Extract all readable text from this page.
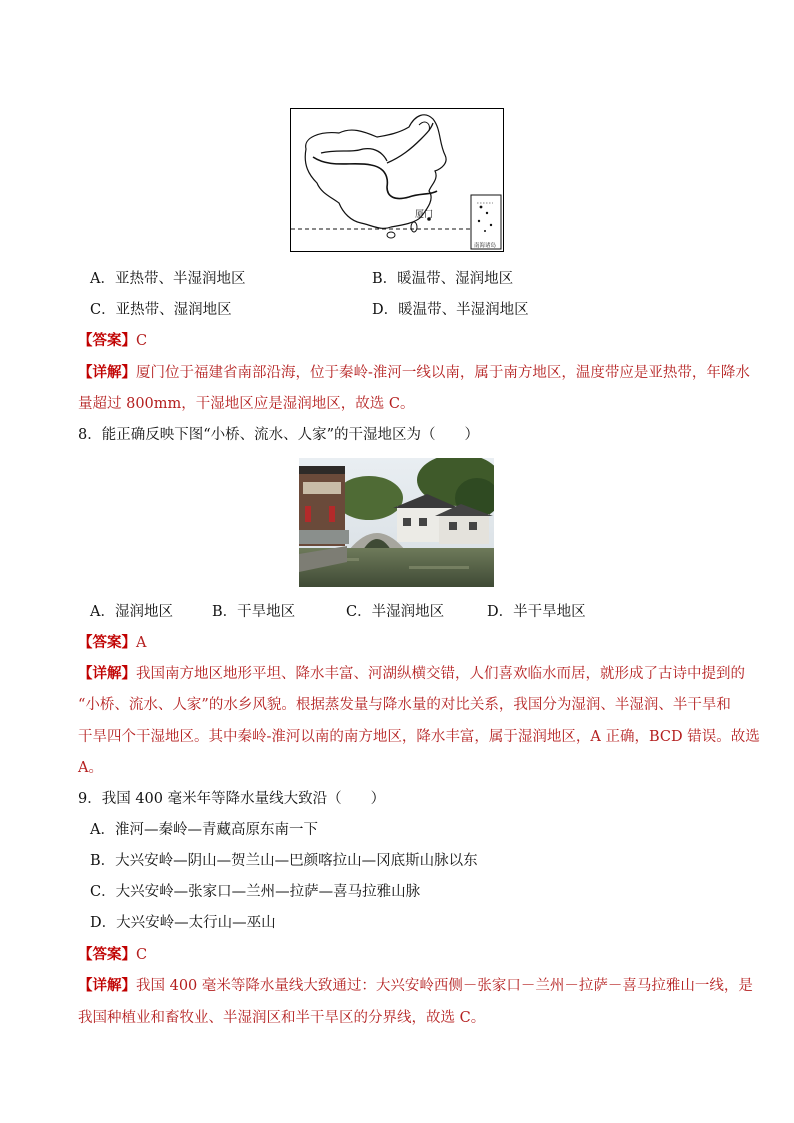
厦门
南海诸岛
A．亚热带、半湿润地区	B．暖温带、湿润地区
C．亚热带、湿润地区	D．暖温带、半湿润地区
【答案】C
【详解】厦门位于福建省南部沿海，位于秦岭-淮河一线以南，属于南方地区，温度带应是亚热带，年降水
量超过 800mm，干湿地区应是湿润地区，故选 C。
8．能正确反映下图“小桥、流水、人家”的干湿地区为（　　）
A．湿润地区	B．干旱地区	C．半湿润地区	D．半干旱地区
【答案】A
【详解】我国南方地区地形平坦、降水丰富、河湖纵横交错，人们喜欢临水而居，就形成了古诗中提到的
“小桥、流水、人家”的水乡风貌。根据蒸发量与降水量的对比关系，我国分为湿润、半湿润、半干旱和
干旱四个干湿地区。其中秦岭-淮河以南的南方地区，降水丰富，属于湿润地区，A 正确，BCD 错误。故选
A。
9．我国 400 毫米年等降水量线大致沿（　　）
A．淮河—秦岭—青藏高原东南一下
B．大兴安岭—阴山—贺兰山—巴颜喀拉山—冈底斯山脉以东
C．大兴安岭—张家口—兰州—拉萨—喜马拉雅山脉
D．大兴安岭—太行山—巫山
【答案】C
【详解】我国 400 毫米等降水量线大致通过：大兴安岭西侧－张家口－兰州－拉萨－喜马拉雅山一线，是
我国种植业和畜牧业、半湿润区和半干旱区的分界线，故选 C。
